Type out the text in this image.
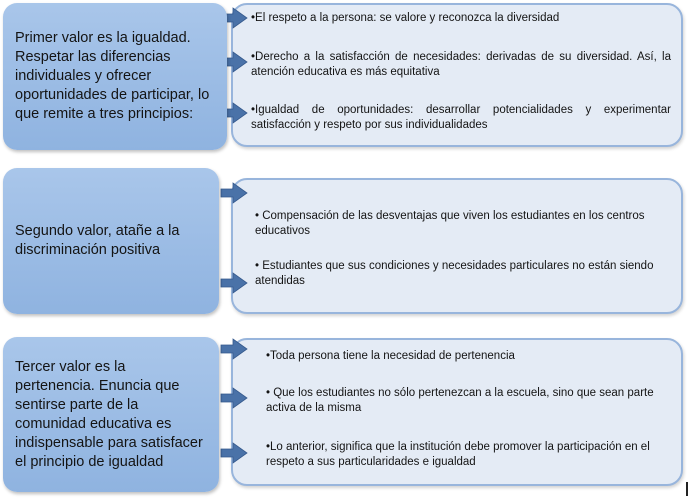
Primer valor es la igualdad. Respetar las diferencias individuales y ofrecer oportunidades de participar, lo que remite a tres principios:
Segundo valor, atañe a la discriminación positiva
Tercer valor es la pertenencia. Enuncia que sentirse parte de la comunidad educativa es indispensable para satisfacer el principio de igualdad
•El respeto a la persona: se valore y reconozca la diversidad
•Derecho a la satisfacción de necesidades: derivadas de su diversidad. Así, la atención educativa es más equitativa
•Igualdad de oportunidades: desarrollar potencialidades y experimentar satisfacción y respeto por sus individualidades
• Compensación de las desventajas que viven los estudiantes en los centros educativos
• Estudiantes que sus condiciones y necesidades particulares no están siendo atendidas
•Toda persona tiene la necesidad de pertenencia
• Que los estudiantes no sólo pertenezcan a la escuela, sino que sean parte activa de la misma
•Lo anterior, significa que la institución debe promover la participación en el respeto a sus particularidades e igualdad
